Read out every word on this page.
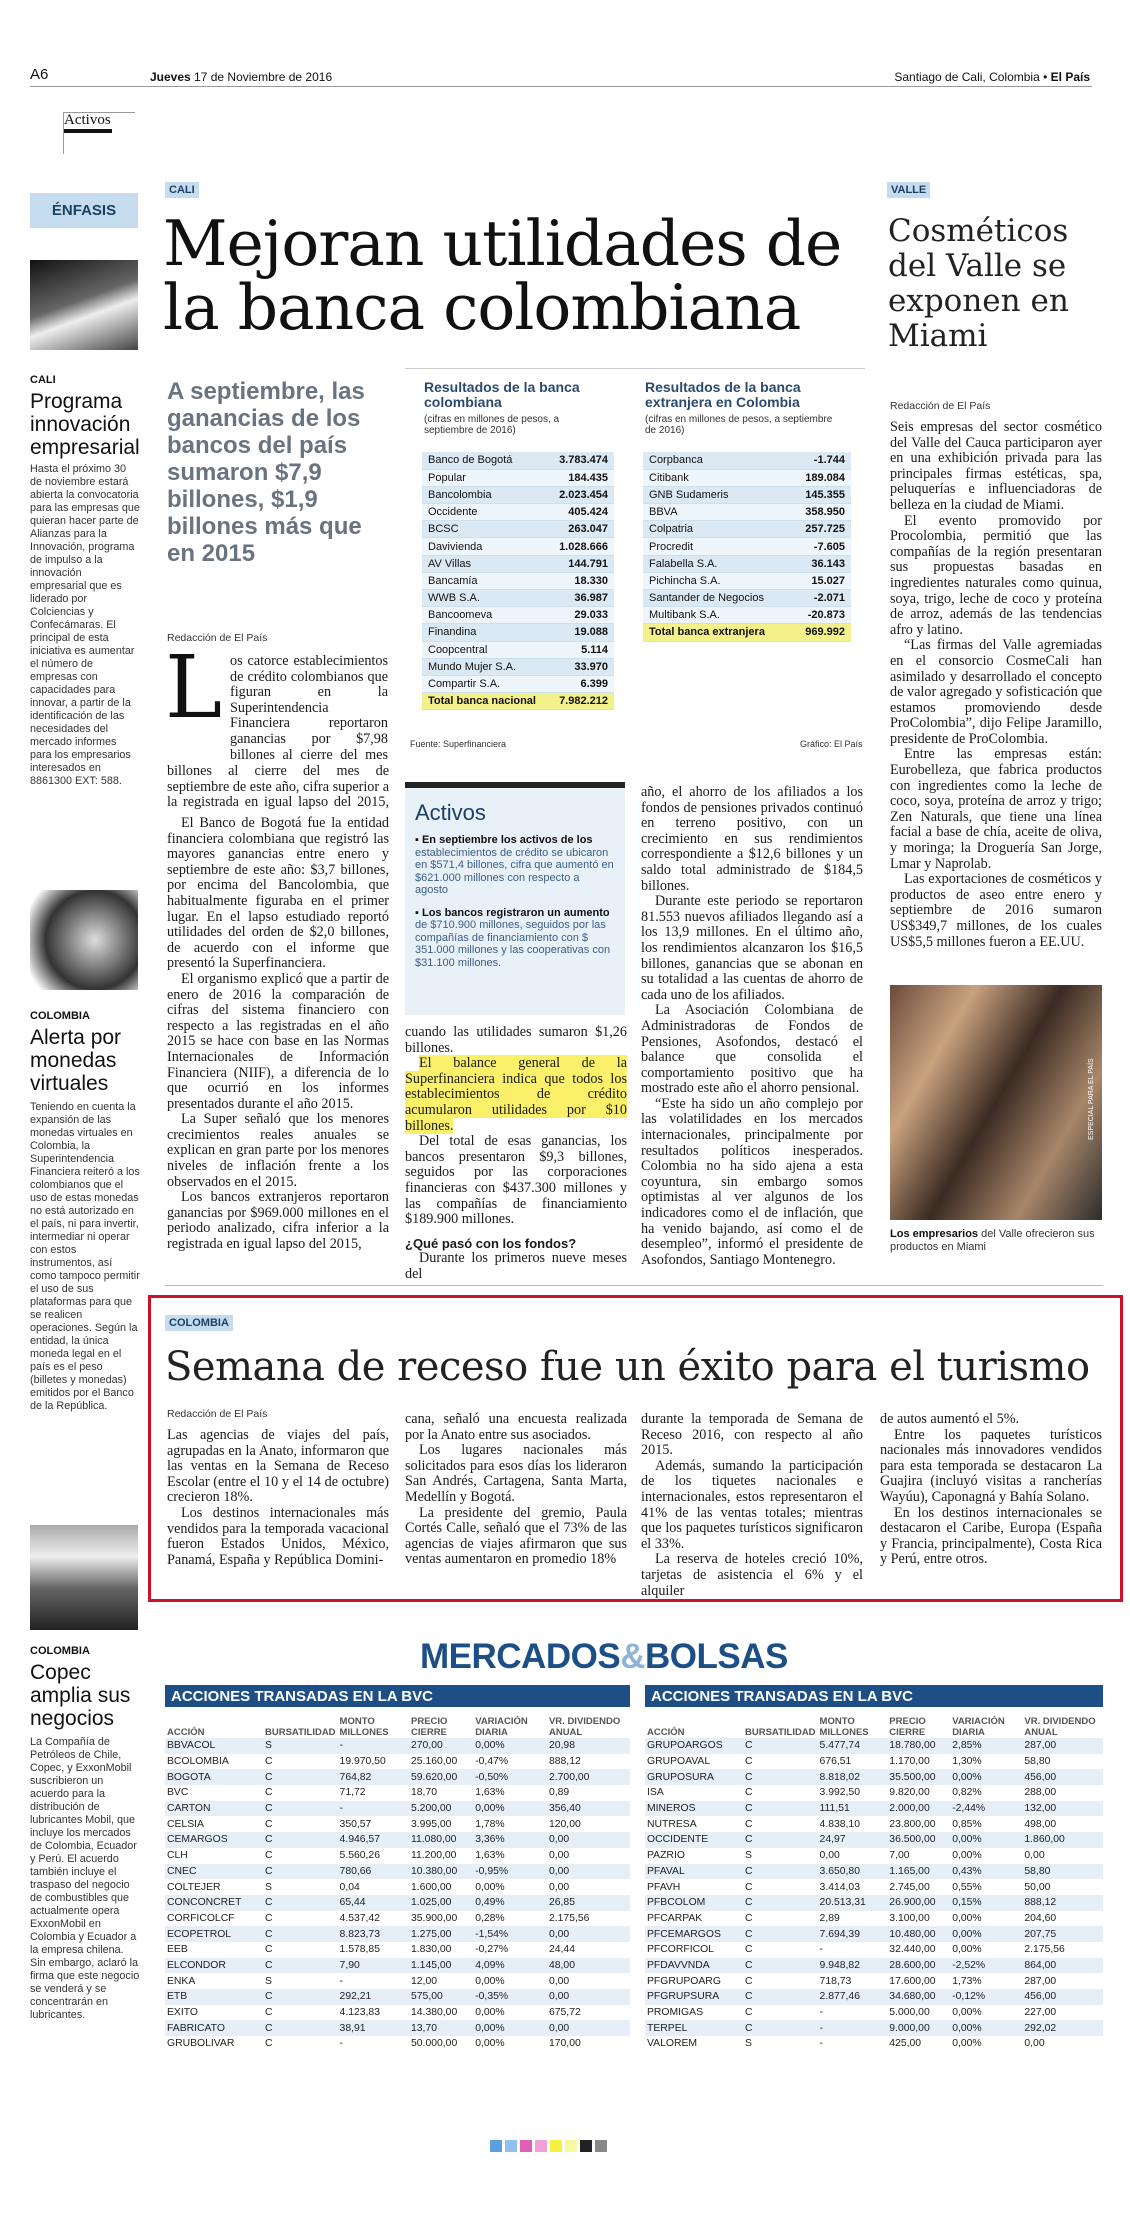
A6	Jueves 17 de Noviembre de 2016	Santiago de Cali, Colombia • El País
Activos
ÉNFASIS
CALI
Programa innovación empresarial
Hasta el próximo 30 de noviembre estará abierta la convocatoria para las empresas que quieran hacer parte de Alianzas para la Innovación, programa de impulso a la innovación empresarial que es liderado por Colciencias y Confecámaras. El principal de esta iniciativa es aumentar el número de empresas con capacidades para innovar, a partir de la identificación de las necesidades del mercado informes para los empresarios interesados en 8861300 EXT: 588.
COLOMBIA
Alerta por monedas virtuales
Teniendo en cuenta la expansión de las monedas virtuales en Colombia, la Superintendencia Financiera reiteró a los colombianos que el uso de estas monedas no está autorizado en el país, ni para invertir, intermediar ni operar con estos instrumentos, así como tampoco permitir el uso de sus plataformas para que se realicen operaciones. Según la entidad, la única moneda legal en el país es el peso (billetes y monedas) emitidos por el Banco de la República.
COLOMBIA
Copec amplia sus negocios
La Compañía de Petróleos de Chile, Copec, y ExxonMobil suscribieron un acuerdo para la distribución de lubricantes Mobil, que incluye los mercados de Colombia, Ecuador y Perú. El acuerdo también incluye el traspaso del negocio de combustibles que actualmente opera ExxonMobil en Colombia y Ecuador a la empresa chilena. Sin embargo, aclaró la firma que este negocio se venderá y se concentrarán en lubricantes.
CALI
Mejoran utilidades de la banca colombiana
A septiembre, las ganancias de los bancos del país sumaron $7,9 billones, $1,9 billones más que en 2015
Redacción de El País
L os catorce establecimientos de crédito colombianos que figuran en la Superintendencia Financiera reportaron ganancias por $7,98 billones al cierre del mes

El Banco de Bogotá fue la entidad financiera colombiana que registró las mayores ganancias entre enero y septiembre de este año: $3,7 billones, por encima del Bancolombia, que habitualmente figuraba en el primer lugar. En el lapso estudiado reportó utilidades del orden de $2,0 billones, de acuerdo con el informe que presentó la Superfinanciera.

El organismo explicó que a partir de enero de 2016 la comparación de cifras del sistema financiero con respecto a las registradas en el año 2015 se hace con base en las Normas Internacionales de Información Financiera (NIIF), a diferencia de lo que ocurrió en los informes presentados durante el año 2015.

La Super señaló que los menores crecimientos reales anuales se explican en gran parte por los menores niveles de inflación frente a los observados en el 2015.

Los bancos extranjeros reportaron ganancias por $969.000 millones en el periodo analizado, cifra inferior a la registrada en igual lapso del 2015,

billones al cierre del mes de septiembre de este año, cifra superior a la registrada en igual lapso del 2015,
Resultados de la banca colombiana
(cifras en millones de pesos, a septiembre de 2016)
Banco de Bogotá	3.783.474
Popular	184.435
Bancolombia	2.023.454
Occidente	405.424
BCSC	263.047
Davivienda	1.028.666
AV Villas	144.791
Bancamía	18.330
WWB S.A.	36.987
Bancoomeva	29.033
Finandina	19.088
Coopcentral	5.114
Mundo Mujer S.A.	33.970
Compartir S.A.	6.399
Total banca nacional	7.982.212
Resultados de la banca extranjera en Colombia
(cifras en millones de pesos, a septiembre de 2016)
Corpbanca	-1.744
Citibank	189.084
GNB Sudameris	145.355
BBVA	358.950
Colpatria	257.725
Procredit	-7.605
Falabella S.A.	36.143
Pichincha S.A.	15.027
Santander de Negocios	-2.071
Multibank S.A.	-20.873
Total banca extranjera	969.992
Fuente: Superfinanciera	Gráfico: El País
Activos
▪ En septiembre los activos de los
establecimientos de crédito se ubicaron en $571,4 billones, cifra que aumentó en $621.000 millones con respecto a agosto
▪ Los bancos registraron un aumento
de $710.900 millones, seguidos por las compañías de financiamiento con $ 351.000 millones y las cooperativas con $31.100 millones.

cuando las utilidades sumaron $1,26 billones.

El balance general de la Superfinanciera indica que todos los establecimientos de crédito acumularon utilidades por $10 billones.

Del total de esas ganancias, los bancos presentaron $9,3 billones, seguidos por las corporaciones financieras con $437.300 millones y las compañías de financiamiento $189.900 millones.

¿Qué pasó con los fondos?

Durante los primeros nueve meses del

año, el ahorro de los afiliados a los fondos de pensiones privados continuó en terreno positivo, con un crecimiento en sus rendimientos correspondiente a $12,6 billones y un saldo total administrado de $184,5 billones.

Durante este periodo se reportaron 81.553 nuevos afiliados llegando así a los 13,9 millones. En el último año, los rendimientos alcanzaron los $16,5 billones, ganancias que se abonan en su totalidad a las cuentas de ahorro de cada uno de los afiliados.

La Asociación Colombiana de Administradoras de Fondos de Pensiones, Asofondos, destacó el balance que consolida el comportamiento positivo que ha mostrado este año el ahorro pensional.

“Este ha sido un año complejo por las volatilidades en los mercados internacionales, principalmente por resultados políticos inesperados. Colombia no ha sido ajena a esta coyuntura, sin embargo somos optimistas al ver algunos de los indicadores como el de inflación, que ha venido bajando, así como el de desempleo”, informó el presidente de Asofondos, Santiago Montenegro.

VALLE
Cosméticos del Valle se exponen en Miami
Redacción de El País

Seis empresas del sector cosmético del Valle del Cauca participaron ayer en una exhibición privada para las principales firmas estéticas, spa, peluquerías e influenciadoras de belleza en la ciudad de Miami.

El evento promovido por Procolombia, permitió que las compañías de la región presentaran sus propuestas basadas en ingredientes naturales como quinua, soya, trigo, leche de coco y proteína de arroz, además de las tendencias afro y latino.

“Las firmas del Valle agremiadas en el consorcio CosmeCali han asimilado y desarrollado el concepto de valor agregado y sofisticación que estamos promoviendo desde ProColombia”, dijo Felipe Jaramillo, presidente de ProColombia.

Entre las empresas están: Eurobelleza, que fabrica productos con ingredientes como la leche de coco, soya, proteína de arroz y trigo; Zen Naturals, que tiene una línea facial a base de chía, aceite de oliva, y moringa; la Droguería San Jorge, Lmar y Naprolab.

Las exportaciones de cosméticos y productos de aseo entre enero y septiembre de 2016 sumaron US$349,7 millones, de los cuales US$5,5 millones fueron a EE.UU.

ESPECIAL PARA EL PAÍS
Los empresarios del Valle ofrecieron sus productos en Miami
COLOMBIA
Semana de receso fue un éxito para el turismo
Redacción de El País

Las agencias de viajes del país, agrupadas en la Anato, informaron que las ventas en la Semana de Receso Escolar (entre el 10 y el 14 de octubre) crecieron 18%.

Los destinos internacionales más vendidos para la temporada vacacional fueron Estados Unidos, México, Panamá, España y República Domini-

cana, señaló una encuesta realizada por la Anato entre sus asociados.

Los lugares nacionales más solicitados para esos días los lideraron San Andrés, Cartagena, Santa Marta, Medellín y Bogotá.

La presidente del gremio, Paula Cortés Calle, señaló que el 73% de las agencias de viajes afirmaron que sus ventas aumentaron en promedio 18%

durante la temporada de Semana de Receso 2016, con respecto al año 2015.

Además, sumando la participación de los tiquetes nacionales e internacionales, estos representaron el 41% de las ventas totales; mientras que los paquetes turísticos significaron el 33%.

La reserva de hoteles creció 10%, tarjetas de asistencia el 6% y el alquiler

de autos aumentó el 5%.

Entre los paquetes turísticos nacionales más innovadores vendidos para esta temporada se destacaron La Guajira (incluyó visitas a rancherías Wayúu), Caponagná y Bahía Solano.

En los destinos internacionales se destacaron el Caribe, Europa (España y Francia, principalmente), Costa Rica y Perú, entre otros.

MERCADOS&BOLSAS
ACCIONES TRANSADAS EN LA BVC	ACCIONES TRANSADAS EN LA BVC
ACCIÓN	BURSATILIDAD	MONTO MILLONES	PRECIO CIERRE	VARIACIÓN DIARIA	VR. DIVIDENDO ANUAL
BBVACOL	S	-	270,00	0,00%	20,98
BCOLOMBIA	C	19.970,50	25.160,00	-0,47%	888,12
BOGOTA	C	764,82	59.620,00	-0,50%	2.700,00
BVC	C	71,72	18,70	1,63%	0,89
CARTON	C	-	5.200,00	0,00%	356,40
CELSIA	C	350,57	3.995,00	1,78%	120,00
CEMARGOS	C	4.946,57	11.080,00	3,36%	0,00
CLH	C	5.560,26	11.200,00	1,63%	0,00
CNEC	C	780,66	10.380,00	-0,95%	0,00
COLTEJER	S	0,04	1.600,00	0,00%	0,00
CONCONCRET	C	65,44	1.025,00	0,49%	26,85
CORFICOLCF	C	4.537,42	35.900,00	0,28%	2.175,56
ECOPETROL	C	8.823,73	1.275,00	-1,54%	0,00
EEB	C	1.578,85	1.830,00	-0,27%	24,44
ELCONDOR	C	7,90	1.145,00	4,09%	48,00
ENKA	S	-	12,00	0,00%	0,00
ETB	C	292,21	575,00	-0,35%	0,00
EXITO	C	4.123,83	14.380,00	0,00%	675,72
FABRICATO	C	38,91	13,70	0,00%	0,00
GRUBOLIVAR	C	-	50.000,00	0,00%	170,00
ACCIÓN	BURSATILIDAD	MONTO MILLONES	PRECIO CIERRE	VARIACIÓN DIARIA	VR. DIVIDENDO ANUAL
GRUPOARGOS	C	5.477,74	18.780,00	2,85%	287,00
GRUPOAVAL	C	676,51	1.170,00	1,30%	58,80
GRUPOSURA	C	8.818,02	35.500,00	0,00%	456,00
ISA	C	3.992,50	9.820,00	0,82%	288,00
MINEROS	C	111,51	2.000,00	-2,44%	132,00
NUTRESA	C	4.838,10	23.800,00	0,85%	498,00
OCCIDENTE	C	24,97	36.500,00	0,00%	1.860,00
PAZRIO	S	0,00	7,00	0,00%	0,00
PFAVAL	C	3.650,80	1.165,00	0,43%	58,80
PFAVH	C	3.414,03	2.745,00	0,55%	50,00
PFBCOLOM	C	20.513,31	26.900,00	0,15%	888,12
PFCARPAK	C	2,89	3.100,00	0,00%	204,60
PFCEMARGOS	C	7.694,39	10.480,00	0,00%	207,75
PFCORFICOL	C	-	32.440,00	0,00%	2.175,56
PFDAVVNDA	C	9.948,82	28.600,00	-2,52%	864,00
PFGRUPOARG	C	718,73	17.600,00	1,73%	287,00
PFGRUPSURA	C	2.877,46	34.680,00	-0,12%	456,00
PROMIGAS	C	-	5.000,00	0,00%	227,00
TERPEL	C	-	9.000,00	0,00%	292,02
VALOREM	S	-	425,00	0,00%	0,00
